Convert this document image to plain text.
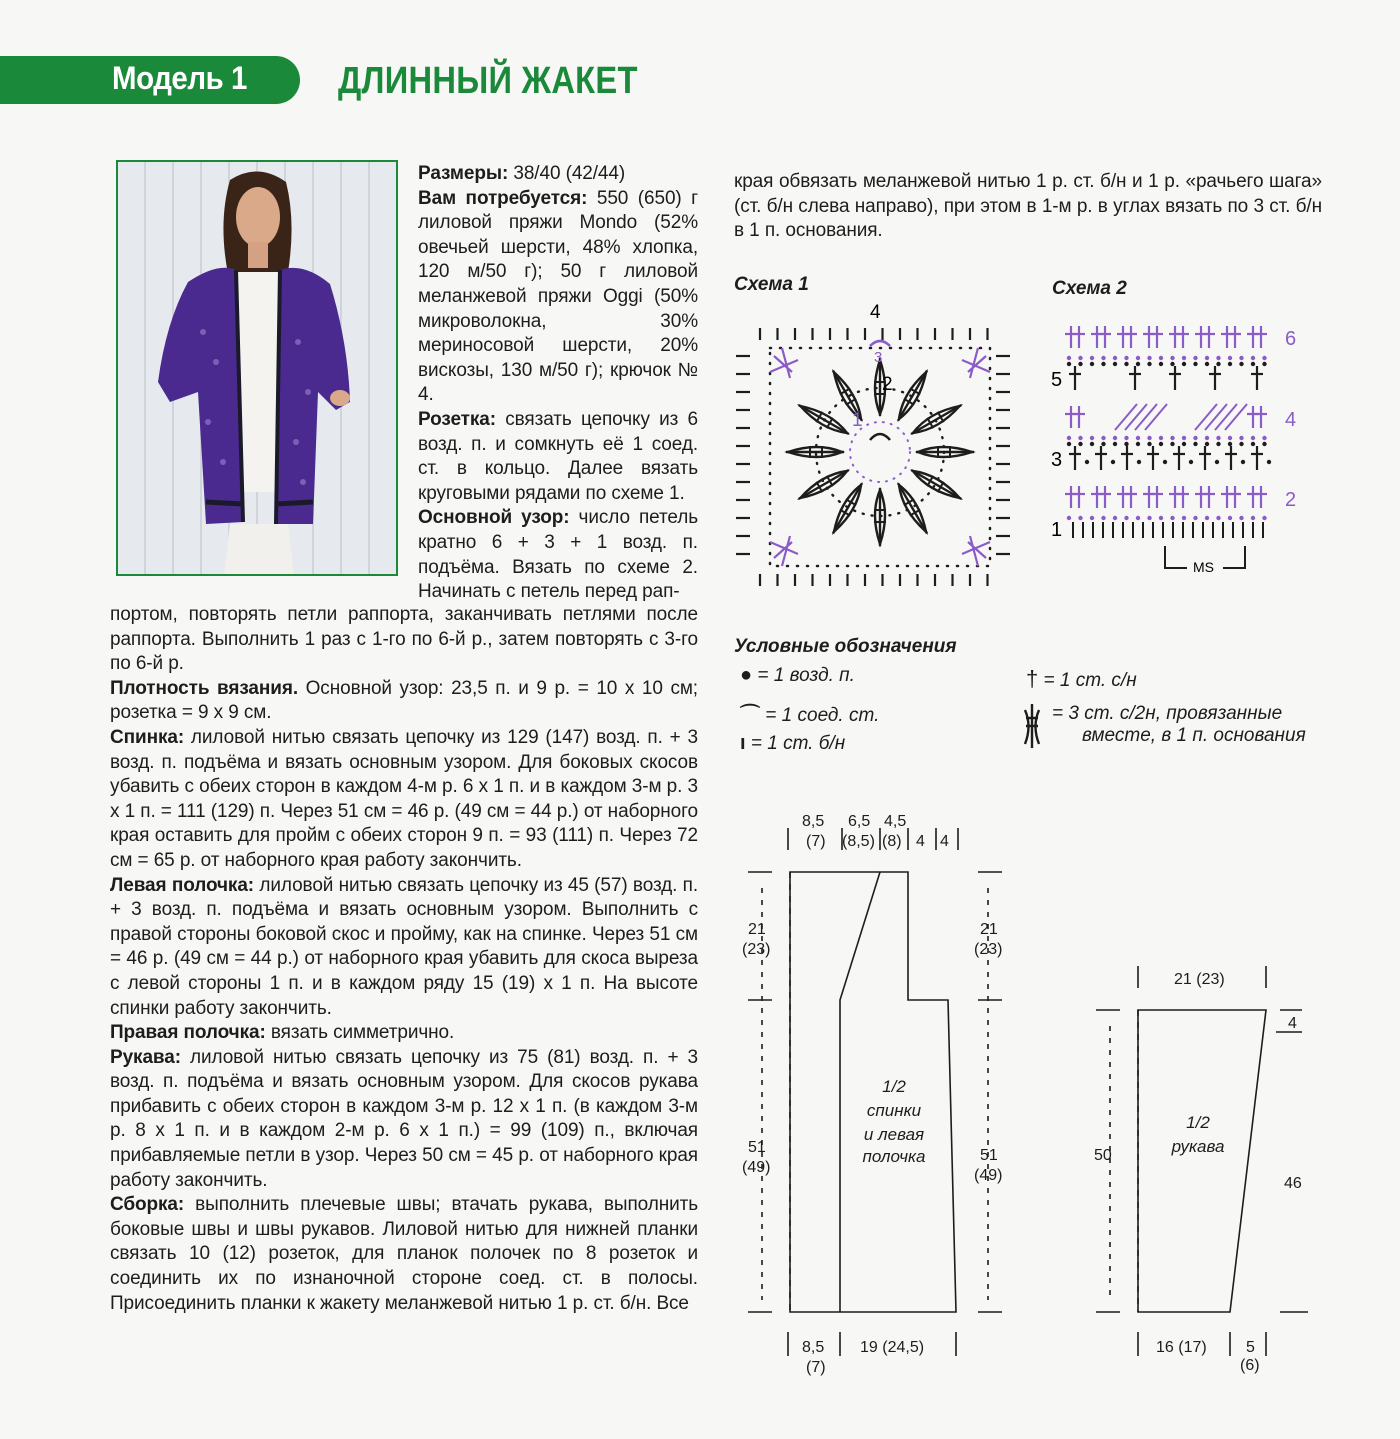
Модель 1 ДЛИННЫЙ ЖАКЕТ
Размеры: 38/40 (42/44)
Вам потребуется: 550 (650) г лиловой пряжи Mondo (52% овечьей шерсти, 48% хлопка, 120 м/50 г); 50 г лиловой меланжевой пряжи Oggi (50% микроволокна, 30% мериносовой шерсти, 20% вискозы, 130 м/50 г); крючок № 4.
Розетка: связать цепочку из 6 возд. п. и сомкнуть её 1 соед. ст. в кольцо. Далее вязать круговыми рядами по схеме 1.
Основной узор: число петель кратно 6 + 3 + 1 возд. п. подъёма. Вязать по схеме 2. Начинать с петель перед рап-
портом, повторять петли раппорта, заканчивать петлями после раппорта. Выполнить 1 раз с 1-го по 6-й р., затем повторять с 3-го по 6-й р.
Плотность вязания. Основной узор: 23,5 п. и 9 р. = 10 х 10 см; розетка = 9 х 9 см.
Спинка: лиловой нитью связать цепочку из 129 (147) возд. п. + 3 возд. п. подъёма и вязать основным узором. Для боковых скосов убавить с обеих сторон в каждом 4-м р. 6 х 1 п. и в каждом 3-м р. 3 х 1 п. = 111 (129) п. Через 51 см = 46 р. (49 см = 44 р.) от наборного края оставить для пройм с обеих сторон 9 п. = 93 (111) п. Через 72 см = 65 р. от наборного края работу закончить.
Левая полочка: лиловой нитью связать цепочку из 45 (57) возд. п. + 3 возд. п. подъёма и вязать основным узором. Выполнить с правой стороны боковой скос и пройму, как на спинке. Через 51 см = 46 р. (49 см = 44 р.) от наборного края убавить для скоса выреза с левой стороны 1 п. и в каждом ряду 15 (19) х 1 п. На высоте спинки работу закончить.
Правая полочка: вязать симметрично.
Рукава: лиловой нитью связать цепочку из 75 (81) возд. п. + 3 возд. п. подъёма и вязать основным узором. Для скосов рукава прибавить с обеих сторон в каждом 3-м р. 12 х 1 п. (в каждом 3-м р. 8 х 1 п. и в каждом 2-м р. 6 х 1 п.) = 99 (109) п., включая прибавляемые петли в узор. Через 50 см = 45 р. от наборного края работу закончить.
Сборка: выполнить плечевые швы; втачать рукава, выполнить боковые швы и швы рукавов. Лиловой нитью для нижней планки связать 10 (12) розеток, для планок полочек по 8 розеток и соединить их по изнаночной стороне соед. ст. в полосы. Присоединить планки к жакету меланжевой нитью 1 р. ст. б/н. Все
края обвязать меланжевой нитью 1 р. ст. б/н и 1 р. «рачьего шага» (ст. б/н слева направо), при этом в 1-м р. в углах вязать по 3 ст. б/н в 1 п. основания.
Схема 1
4
3
2
1
Схема 2
6
5
4
3
2
1
MS
Условные обозначения
● = 1 возд. п.
⌒ = 1 соед. ст.
ı = 1 ст. б/н
† = 1 ст. с/н
= 3 ст. с/2н, провязанные
вместе, в 1 п. основания
8,5
(7)
6,5
(8,5)
4,5
(8) 4 4
21
(23)
51
(49)
21
(23)
51
(49)
8,5
(7)
19 (24,5)
1/2
спинки
и левая
полочка
21 (23)
50
4
46
16 (17) 5
(6)
1/2
рукава
